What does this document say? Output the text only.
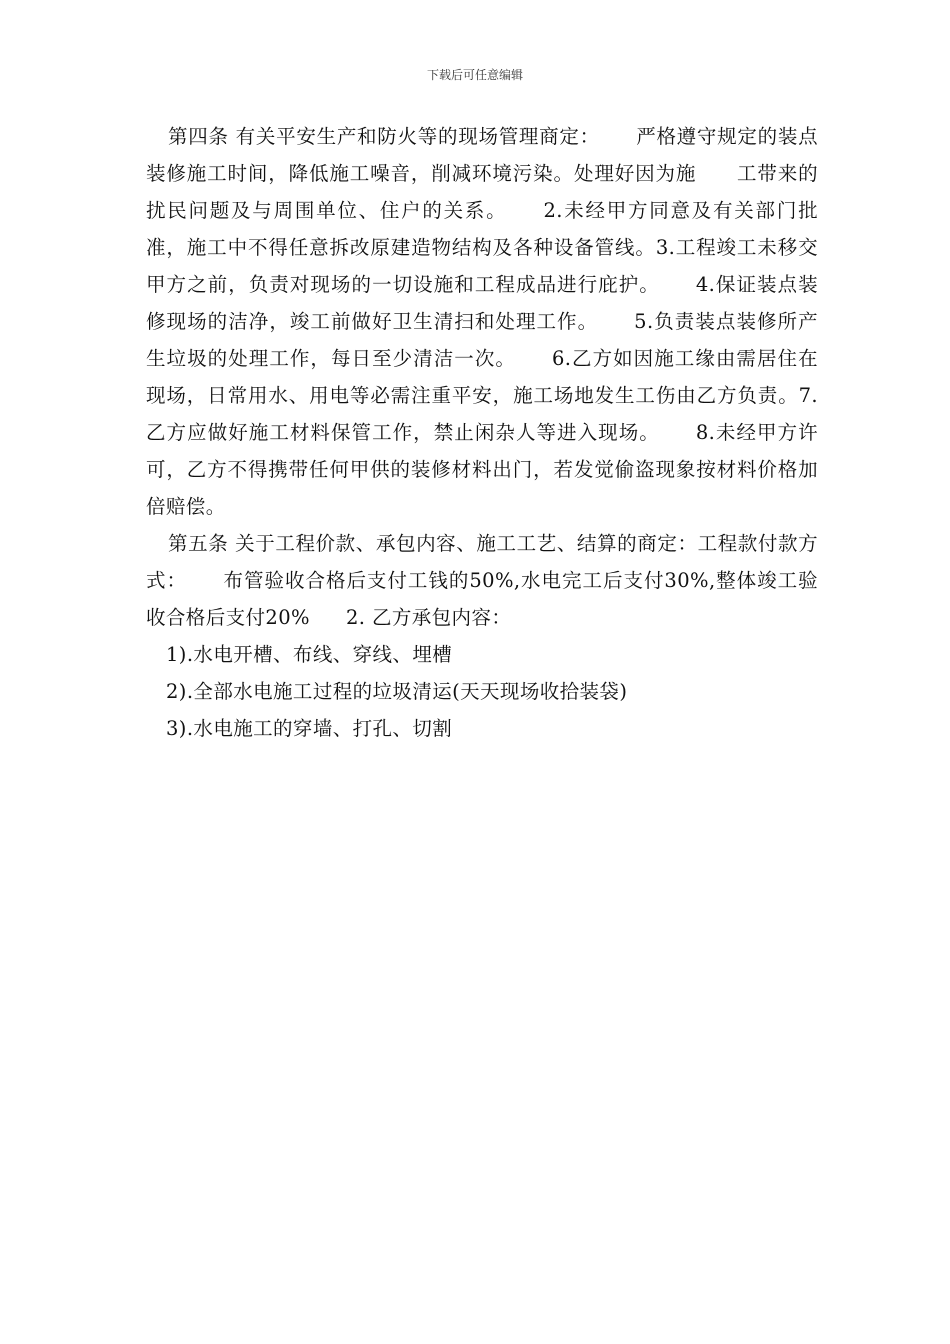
下载后可任意编辑

第四条 有关平安生产和防火等的现场管理商定： 严格遵守规定的装点装修施工时间，降低施工噪音，削减环境污染。处理好因为施　　工带来的扰民问题及与周围单位、住户的关系。 2.未经甲方同意及有关部门批准，施工中不得任意拆改原建造物结构及各种设备管线。3.工程竣工未移交甲方之前，负责对现场的一切设施和工程成品进行庇护。 4.保证装点装修现场的洁净，竣工前做好卫生清扫和处理工作。 5.负责装点装修所产生垃圾的处理工作，每日至少清洁一次。 6.乙方如因施工缘由需居住在现场，日常用水、用电等必需注重平安，施工场地发生工伤由乙方负责。7.乙方应做好施工材料保管工作，禁止闲杂人等进入现场。 8.未经甲方许可，乙方不得携带任何甲供的装修材料出门，若发觉偷盗现象按材料价格加倍赔偿。

第五条 关于工程价款、承包内容、施工工艺、结算的商定：工程款付款方式： 布管验收合格后支付工钱的50%,水电完工后支付30%,整体竣工验收合格后支付20% 2. 乙方承包内容：

1).水电开槽、布线、穿线、埋槽

2).全部水电施工过程的垃圾清运(天天现场收拾装袋)

3).水电施工的穿墙、打孔、切割
